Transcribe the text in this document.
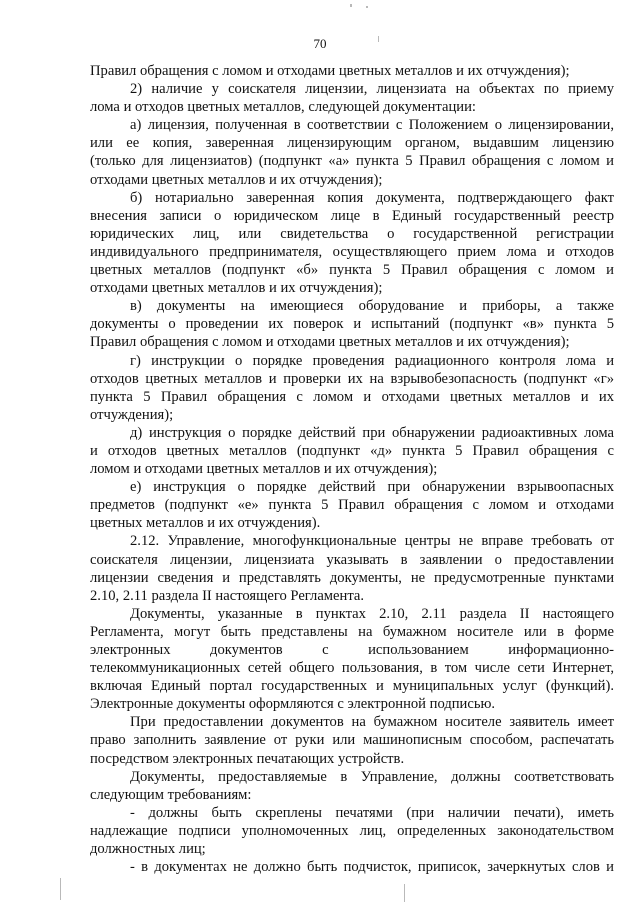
70
Правил обращения с ломом и отходами цветных металлов и их отчуждения);
2) наличие у соискателя лицензии, лицензиата на объектах по приему
лома и отходов цветных металлов, следующей документации:
а) лицензия, полученная в соответствии с Положением о лицензировании,
или ее копия, заверенная лицензирующим органом, выдавшим лицензию
(только для лицензиатов) (подпункт «а» пункта 5 Правил обращения с ломом и
отходами цветных металлов и их отчуждения);
б) нотариально заверенная копия документа, подтверждающего факт
внесения записи о юридическом лице в Единый государственный реестр
юридических лиц, или свидетельства о государственной регистрации
индивидуального предпринимателя, осуществляющего прием лома и отходов
цветных металлов (подпункт «б» пункта 5 Правил обращения с ломом и
отходами цветных металлов и их отчуждения);
в) документы на имеющиеся оборудование и приборы, а также
документы о проведении их поверок и испытаний (подпункт «в» пункта 5
Правил обращения с ломом и отходами цветных металлов и их отчуждения);
г) инструкции о порядке проведения радиационного контроля лома и
отходов цветных металлов и проверки их на взрывобезопасность (подпункт «г»
пункта 5 Правил обращения с ломом и отходами цветных металлов и их
отчуждения);
д) инструкция о порядке действий при обнаружении радиоактивных лома
и отходов цветных металлов (подпункт «д» пункта 5 Правил обращения с
ломом и отходами цветных металлов и их отчуждения);
е) инструкция о порядке действий при обнаружении взрывоопасных
предметов (подпункт «е» пункта 5 Правил обращения с ломом и отходами
цветных металлов и их отчуждения).
2.12. Управление, многофункциональные центры не вправе требовать от
соискателя лицензии, лицензиата указывать в заявлении о предоставлении
лицензии сведения и представлять документы, не предусмотренные пунктами
2.10, 2.11 раздела II настоящего Регламента.
Документы, указанные в пунктах 2.10, 2.11 раздела II настоящего
Регламента, могут быть представлены на бумажном носителе или в форме
электронных документов с использованием информационно-
телекоммуникационных сетей общего пользования, в том числе сети Интернет,
включая Единый портал государственных и муниципальных услуг (функций).
Электронные документы оформляются с электронной подписью.
При предоставлении документов на бумажном носителе заявитель имеет
право заполнить заявление от руки или машинописным способом, распечатать
посредством электронных печатающих устройств.
Документы, предоставляемые в Управление, должны соответствовать
следующим требованиям:
- должны быть скреплены печатями (при наличии печати), иметь
надлежащие подписи уполномоченных лиц, определенных законодательством
должностных лиц;
- в документах не должно быть подчисток, приписок, зачеркнутых слов и
